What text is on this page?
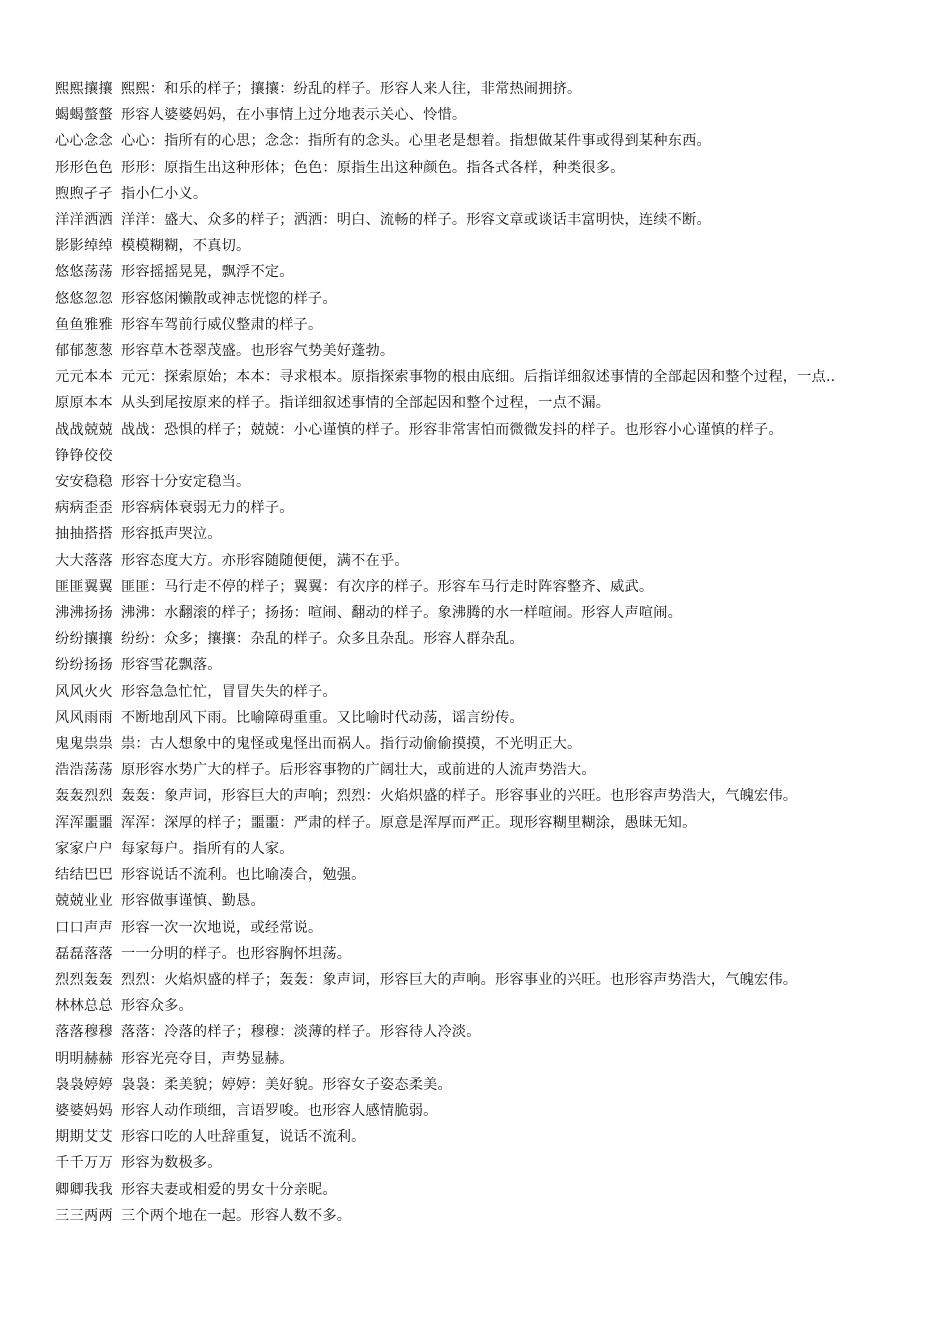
熙熙攘攘 熙熙：和乐的样子；攘攘：纷乱的样子。形容人来人往，非常热闹拥挤。

蝎蝎螫螫 形容人婆婆妈妈，在小事情上过分地表示关心、怜惜。

心心念念 心心：指所有的心思；念念：指所有的念头。心里老是想着。指想做某件事或得到某种东西。

形形色色 形形：原指生出这种形体；色色：原指生出这种颜色。指各式各样，种类很多。

煦煦孑孑 指小仁小义。

洋洋洒洒 洋洋：盛大、众多的样子；洒洒：明白、流畅的样子。形容文章或谈话丰富明快，连续不断。

影影绰绰 模模糊糊，不真切。

悠悠荡荡 形容摇摇晃晃，飘浮不定。

悠悠忽忽 形容悠闲懒散或神志恍惚的样子。

鱼鱼雅雅 形容车驾前行威仪整肃的样子。

郁郁葱葱 形容草木苍翠茂盛。也形容气势美好蓬勃。

元元本本 元元：探索原始；本本：寻求根本。原指探索事物的根由底细。后指详细叙述事情的全部起因和整个过程，一点..

原原本本 从头到尾按原来的样子。指详细叙述事情的全部起因和整个过程，一点不漏。

战战兢兢 战战：恐惧的样子；兢兢：小心谨慎的样子。形容非常害怕而微微发抖的样子。也形容小心谨慎的样子。

铮铮佼佼

安安稳稳 形容十分安定稳当。

病病歪歪 形容病体衰弱无力的样子。

抽抽搭搭 形容抵声哭泣。

大大落落 形容态度大方。亦形容随随便便，满不在乎。

匪匪翼翼 匪匪：马行走不停的样子；翼翼：有次序的样子。形容车马行走时阵容整齐、威武。

沸沸扬扬 沸沸：水翻滚的样子；扬扬：喧闹、翻动的样子。象沸腾的水一样喧闹。形容人声喧闹。

纷纷攘攘 纷纷：众多；攘攘：杂乱的样子。众多且杂乱。形容人群杂乱。

纷纷扬扬 形容雪花飘落。

风风火火 形容急急忙忙，冒冒失失的样子。

风风雨雨 不断地刮风下雨。比喻障碍重重。又比喻时代动荡，谣言纷传。

鬼鬼祟祟 祟：古人想象中的鬼怪或鬼怪出而祸人。指行动偷偷摸摸，不光明正大。

浩浩荡荡 原形容水势广大的样子。后形容事物的广阔壮大，或前进的人流声势浩大。

轰轰烈烈 轰轰：象声词，形容巨大的声响；烈烈：火焰炽盛的样子。形容事业的兴旺。也形容声势浩大，气魄宏伟。

浑浑噩噩 浑浑：深厚的样子；噩噩：严肃的样子。原意是浑厚而严正。现形容糊里糊涂，愚昧无知。

家家户户 每家每户。指所有的人家。

结结巴巴 形容说话不流利。也比喻凑合，勉强。

兢兢业业 形容做事谨慎、勤恳。

口口声声 形容一次一次地说，或经常说。

磊磊落落 一一分明的样子。也形容胸怀坦荡。

烈烈轰轰 烈烈：火焰炽盛的样子；轰轰：象声词，形容巨大的声响。形容事业的兴旺。也形容声势浩大，气魄宏伟。

林林总总 形容众多。

落落穆穆 落落：冷落的样子；穆穆：淡薄的样子。形容待人冷淡。

明明赫赫 形容光亮夺目，声势显赫。

袅袅婷婷 袅袅：柔美貌；婷婷：美好貌。形容女子姿态柔美。

婆婆妈妈 形容人动作琐细，言语罗唆。也形容人感情脆弱。

期期艾艾 形容口吃的人吐辞重复，说话不流利。

千千万万 形容为数极多。

卿卿我我 形容夫妻或相爱的男女十分亲昵。

三三两两 三个两个地在一起。形容人数不多。
